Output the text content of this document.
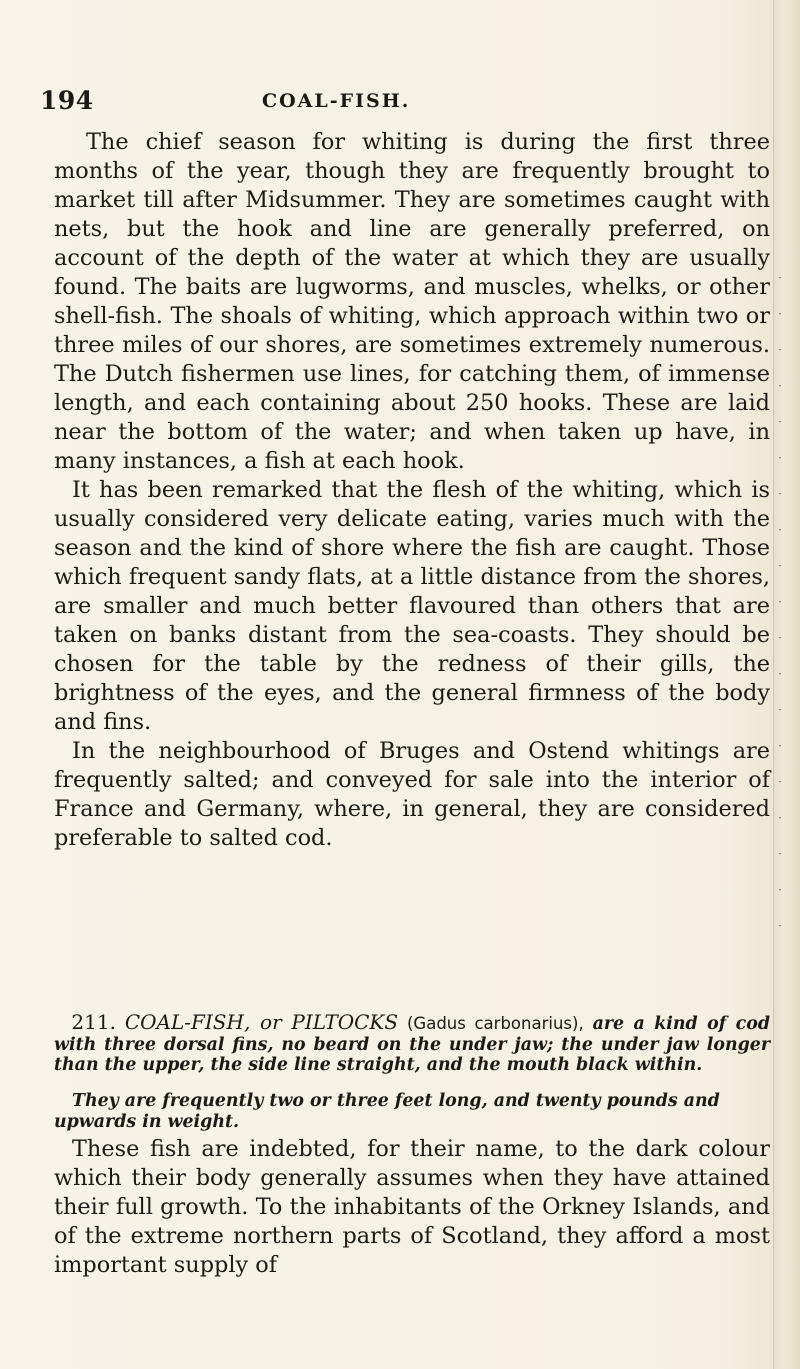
·
·
·
·
·
·
·
·
·
·
·
·
·
·
·
·
·
·
·
194	COAL-FISH.

The chief season for whiting is during the first three months of the year, though they are frequently brought to market till after Midsummer. They are sometimes caught with nets, but the hook and line are generally preferred, on account of the depth of the water at which they are usually found. The baits are lugworms, and muscles, whelks, or other shell-fish. The shoals of whiting, which approach within two or three miles of our shores, are sometimes extremely numerous. The Dutch fishermen use lines, for catching them, of immense length, and each containing about 250 hooks. These are laid near the bottom of the water; and when taken up have, in many instances, a fish at each hook.

It has been remarked that the flesh of the whiting, which is usually considered very delicate eating, varies much with the season and the kind of shore where the fish are caught. Those which frequent sandy flats, at a little distance from the shores, are smaller and much better flavoured than others that are taken on banks distant from the sea-coasts. They should be chosen for the table by the redness of their gills, the brightness of the eyes, and the general firmness of the body and fins.

In the neighbourhood of Bruges and Ostend whitings are frequently salted; and conveyed for sale into the interior of France and Germany, where, in general, they are considered preferable to salted cod.

 211. COAL-FISH, or PILTOCKS (Gadus carbonarius), are a kind of cod with three dorsal fins, no beard on the under jaw; the under jaw longer than the upper, the side line straight, and the mouth black within.
They are frequently two or three feet long, and twenty pounds and upwards in weight.

These fish are indebted, for their name, to the dark colour which their body generally assumes when they have attained their full growth. To the inhabitants of the Orkney Islands, and of the extreme northern parts of Scotland, they afford a most important supply of
